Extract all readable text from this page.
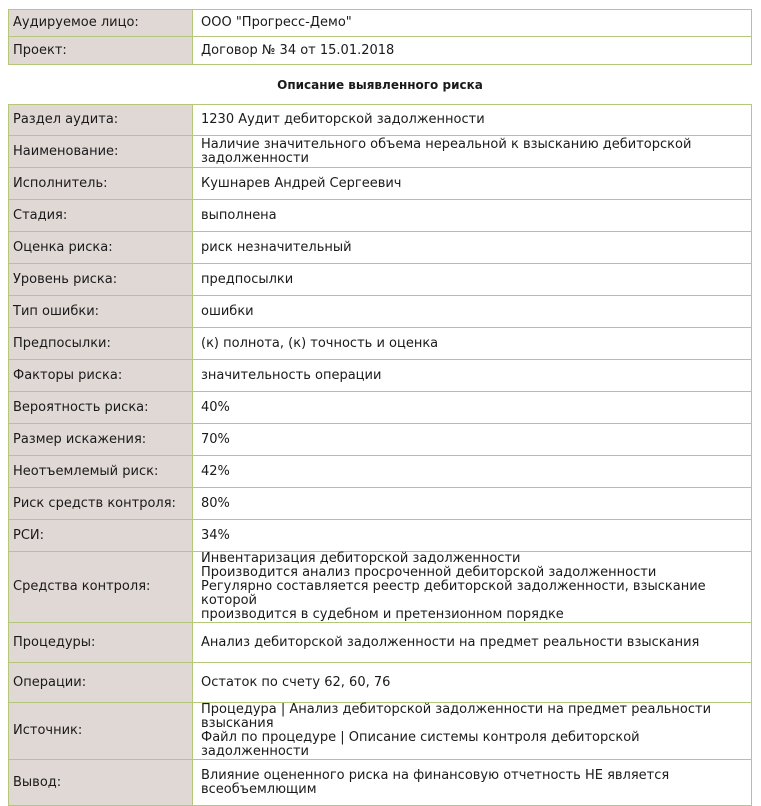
Аудируемое лицо:	ООО "Прогресс-Демо"
Проект:	Договор № 34 от 15.01.2018
Описание выявленного риска
Раздел аудита:	1230 Аудит дебиторской задолженности
Наименование:	Наличие значительного объема нереальной к взысканию дебиторской
задолженности

Исполнитель:	Кушнарев Андрей Сергеевич
Стадия:	выполнена
Оценка риска:	риск незначительный
Уровень риска:	предпосылки
Тип ошибки:	ошибки
Предпосылки:	(к) полнота, (к) точность и оценка
Факторы риска:	значительность операции
Вероятность риска:	40%
Размер искажения:	70%
Неотъемлемый риск:	42%
Риск средств контроля:	80%
РСИ:	34%
Средства контроля:	Инвентаризация дебиторской задолженности
Производится анализ просроченной дебиторской задолженности
Регулярно составляется реестр дебиторской задолженности, взыскание которой
производится в судебном и претензионном порядке

Процедуры:	Анализ дебиторской задолженности на предмет реальности взыскания
Операции:	Остаток по счету 62, 60, 76
Источник:	Процедура | Анализ дебиторской задолженности на предмет реальности взыскания
Файл по процедуре | Описание системы контроля дебиторской задолженности

Вывод:	Влияние оцененного риска на финансовую отчетность НЕ является всеобъемлющим
